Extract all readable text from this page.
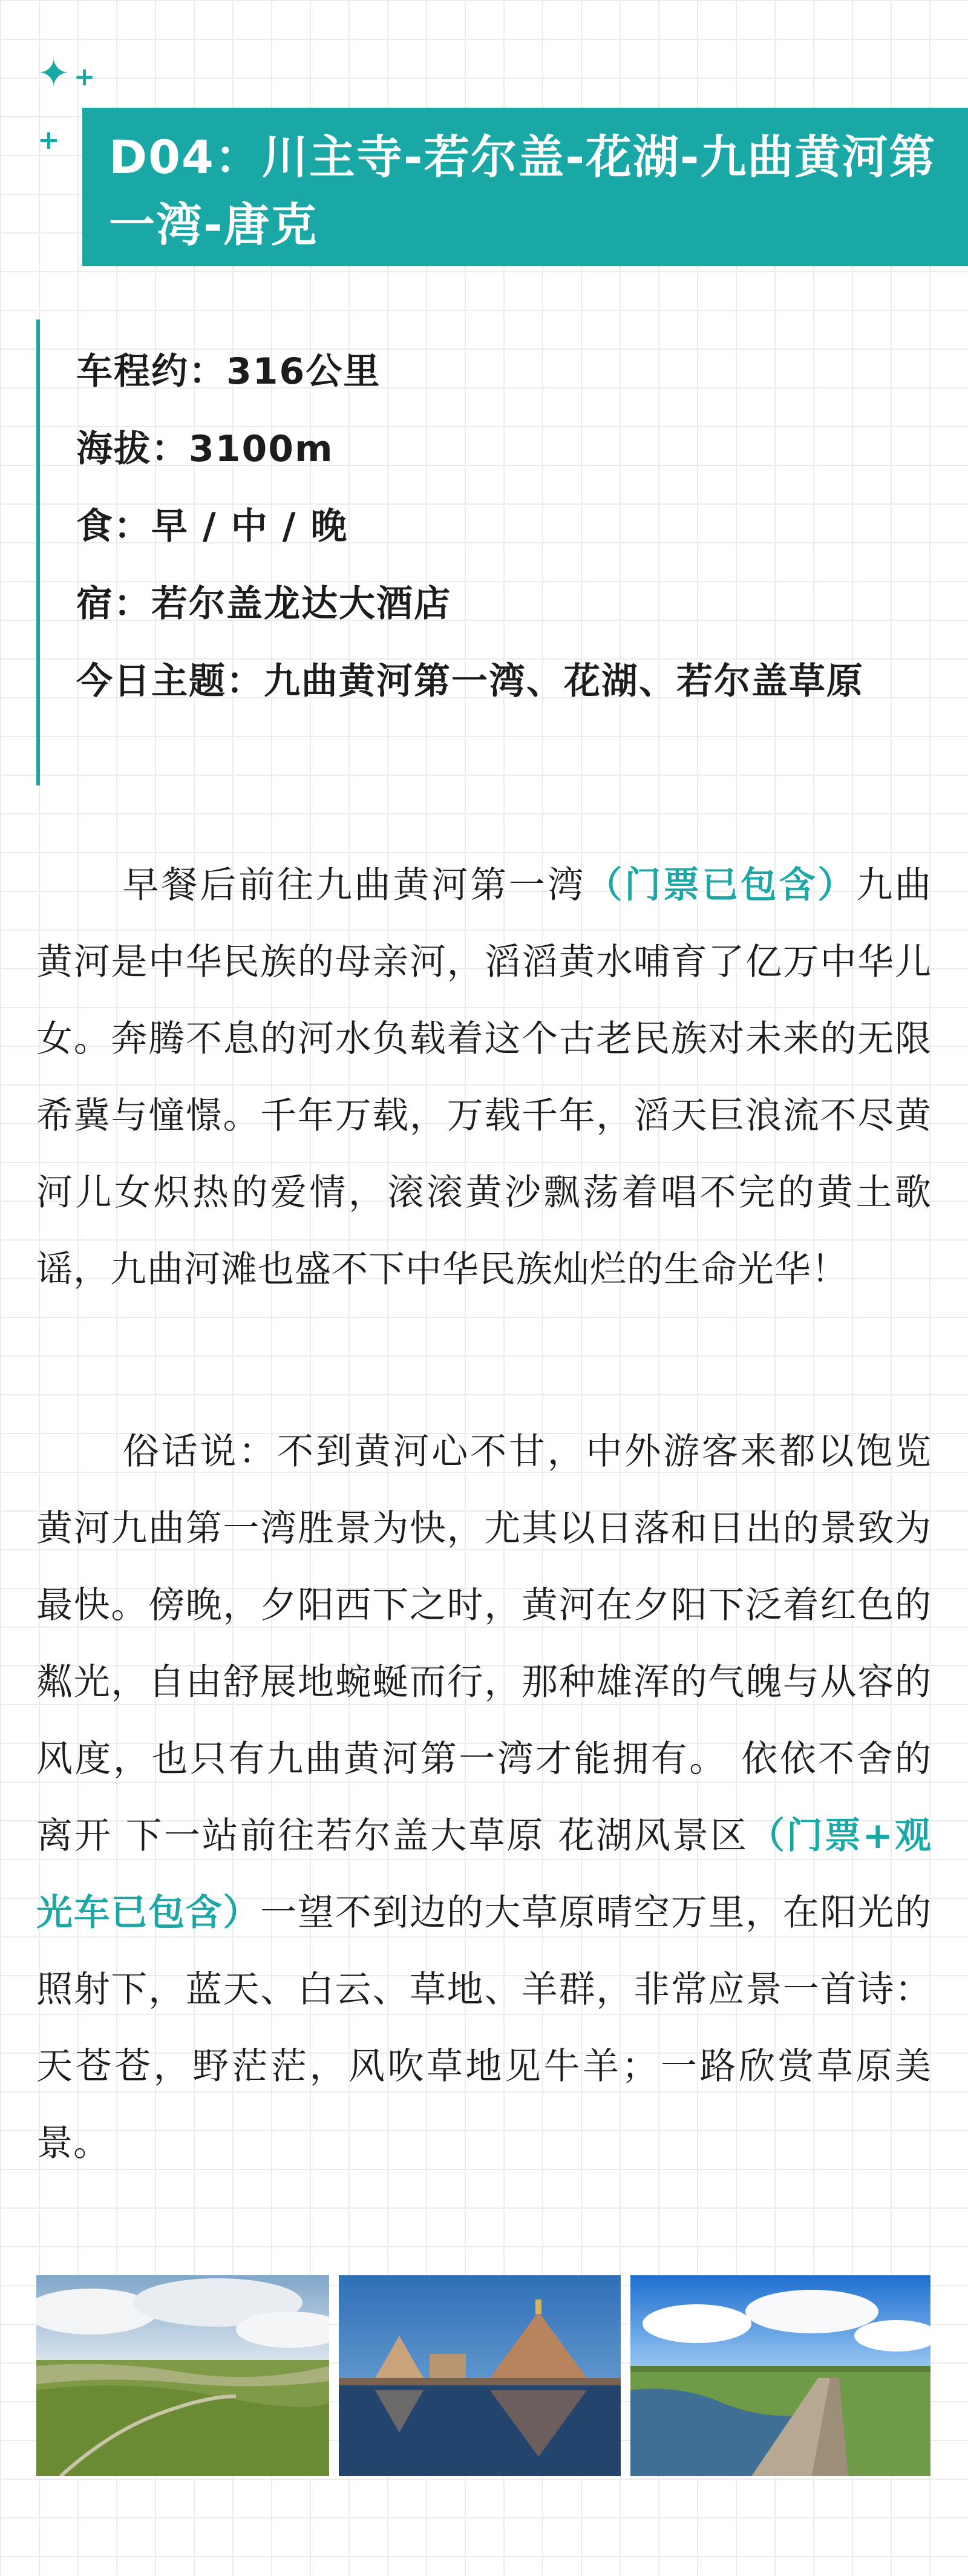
✦ +
+ D04：川主寺-若尔盖-花湖-九曲黄河第一湾-唐克

车程约：316公里

海拔：3100m

食：早 / 中 / 晚

宿：若尔盖龙达大酒店

今日主题：九曲黄河第一湾、花湖、若尔盖草原

早餐后前往九曲黄河第一湾（门票已包含）九曲黄河是中华民族的母亲河，滔滔黄水哺育了亿万中华儿女。奔腾不息的河水负载着这个古老民族对未来的无限希冀与憧憬。千年万载，万载千年，滔天巨浪流不尽黄河儿女炽热的爱情，滚滚黄沙飘荡着唱不完的黄土歌谣，九曲河滩也盛不下中华民族灿烂的生命光华！

俗话说：不到黄河心不甘，中外游客来都以饱览黄河九曲第一湾胜景为快，尤其以日落和日出的景致为最快。傍晚，夕阳西下之时，黄河在夕阳下泛着红色的粼光，自由舒展地蜿蜒而行，那种雄浑的气魄与从容的风度，也只有九曲黄河第一湾才能拥有。 依依不舍的离开 下一站前往若尔盖大草原 花湖风景区（门票+观光车已包含）一望不到边的大草原晴空万里，在阳光的照射下，蓝天、白云、草地、羊群，非常应景一首诗：天苍苍，野茫茫，风吹草地见牛羊；一路欣赏草原美景。
